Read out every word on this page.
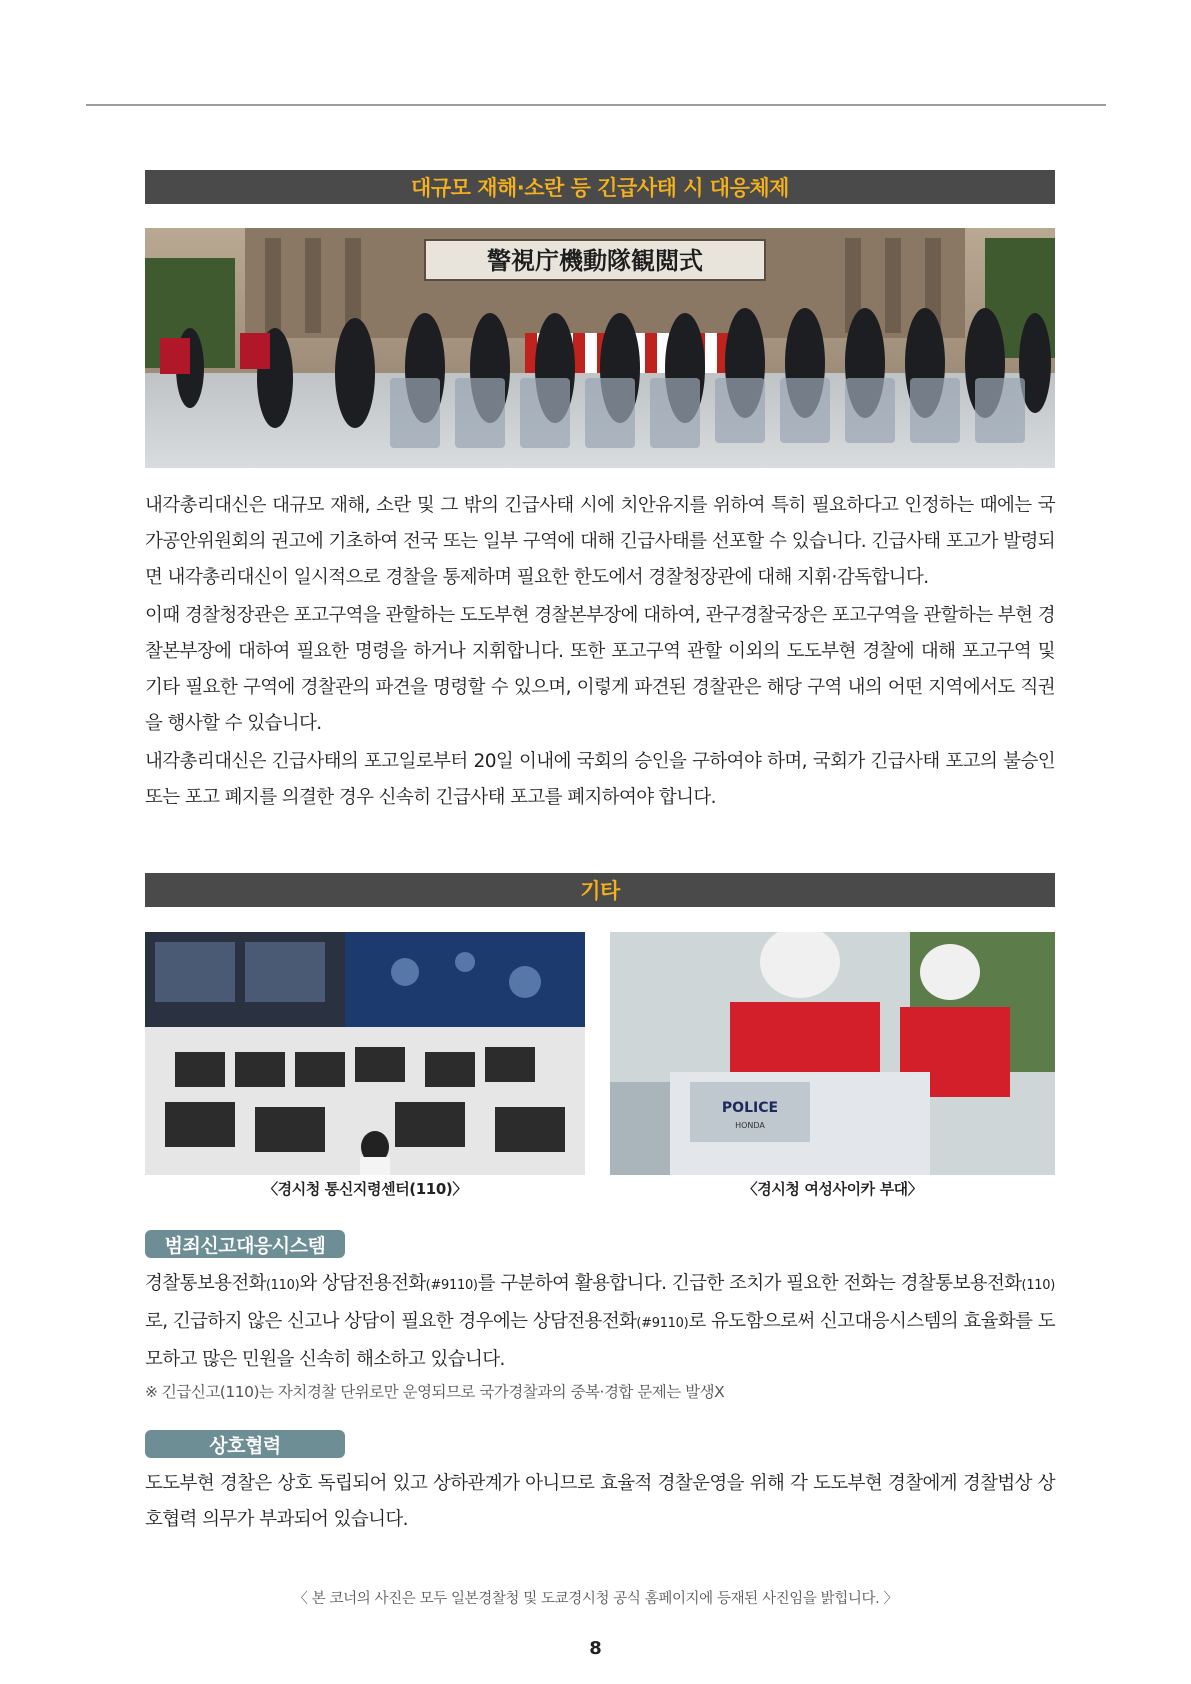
대규모 재해·소란 등 긴급사태 시 대응체제
警視庁機動隊観閲式

내각총리대신은 대규모 재해, 소란 및 그 밖의 긴급사태 시에 치안유지를 위하여 특히 필요하다고 인정하는 때에는 국가공안위원회의 권고에 기초하여 전국 또는 일부 구역에 대해 긴급사태를 선포할 수 있습니다. 긴급사태 포고가 발령되면 내각총리대신이 일시적으로 경찰을 통제하며 필요한 한도에서 경찰청장관에 대해 지휘·감독합니다.

이때 경찰청장관은 포고구역을 관할하는 도도부현 경찰본부장에 대하여, 관구경찰국장은 포고구역을 관할하는 부현 경찰본부장에 대하여 필요한 명령을 하거나 지휘합니다. 또한 포고구역 관할 이외의 도도부현 경찰에 대해 포고구역 및 기타 필요한 구역에 경찰관의 파견을 명령할 수 있으며, 이렇게 파견된 경찰관은 해당 구역 내의 어떤 지역에서도 직권을 행사할 수 있습니다.

내각총리대신은 긴급사태의 포고일로부터 20일 이내에 국회의 승인을 구하여야 하며, 국회가 긴급사태 포고의 불승인 또는 포고 폐지를 의결한 경우 신속히 긴급사태 포고를 폐지하여야 합니다.

기타
POLICE
HONDA
〈경시청 통신지령센터(110)〉	〈경시청 여성사이카 부대〉
범죄신고대응시스템

경찰통보용전화(110)와 상담전용전화(#9110)를 구분하여 활용합니다. 긴급한 조치가 필요한 전화는 경찰통보용전화(110)로, 긴급하지 않은 신고나 상담이 필요한 경우에는 상담전용전화(#9110)로 유도함으로써 신고대응시스템의 효율화를 도모하고 많은 민원을 신속히 해소하고 있습니다.

※ 긴급신고(110)는 자치경찰 단위로만 운영되므로 국가경찰과의 중복·경합 문제는 발생X
상호협력

도도부현 경찰은 상호 독립되어 있고 상하관계가 아니므로 효율적 경찰운영을 위해 각 도도부현 경찰에게 경찰법상 상호협력 의무가 부과되어 있습니다.

〈 본 코너의 사진은 모두 일본경찰청 및 도쿄경시청 공식 홈페이지에 등재된 사진임을 밝힙니다. 〉
8
